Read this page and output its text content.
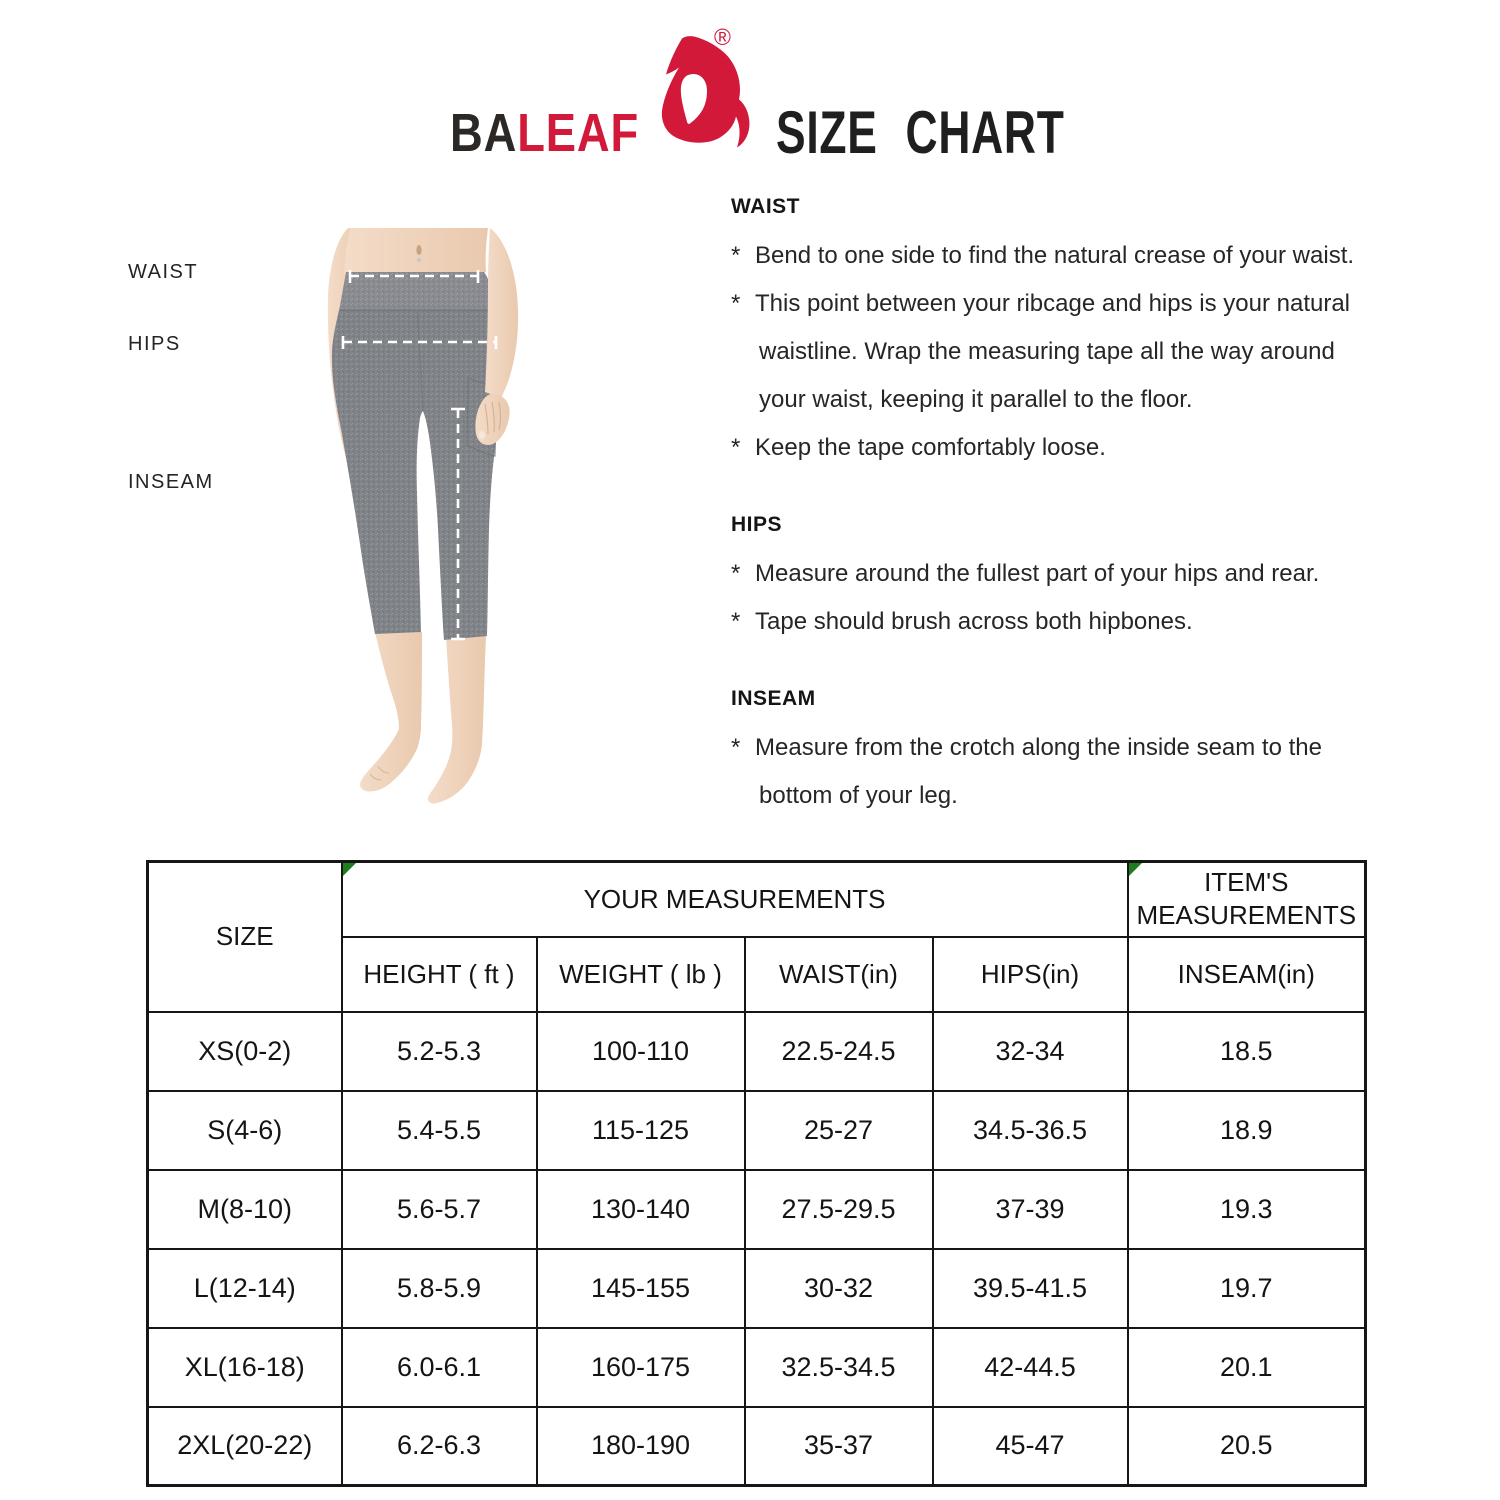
BALEAF
®
SIZE CHART
WAIST
HIPS
INSEAM
WAIST
* Bend to one side to find the natural crease of your waist.
* This point between your ribcage and hips is your natural
waistline. Wrap the measuring tape all the way around
your waist, keeping it parallel to the floor.
* Keep the tape comfortably loose.
HIPS
* Measure around the fullest part of your hips and rear.
* Tape should brush across both hipbones.
INSEAM
* Measure from the crotch along the inside seam to the
bottom of your leg.
SIZE	YOUR MEASUREMENTS				ITEM'S MEASUREMENTS
	HEIGHT ( ft )	WEIGHT ( lb )	WAIST(in)	HIPS(in)	INSEAM(in)
XS(0-2)	5.2-5.3	100-110	22.5-24.5	32-34	18.5
S(4-6)	5.4-5.5	115-125	25-27	34.5-36.5	18.9
M(8-10)	5.6-5.7	130-140	27.5-29.5	37-39	19.3
L(12-14)	5.8-5.9	145-155	30-32	39.5-41.5	19.7
XL(16-18)	6.0-6.1	160-175	32.5-34.5	42-44.5	20.1
2XL(20-22)	6.2-6.3	180-190	35-37	45-47	20.5
